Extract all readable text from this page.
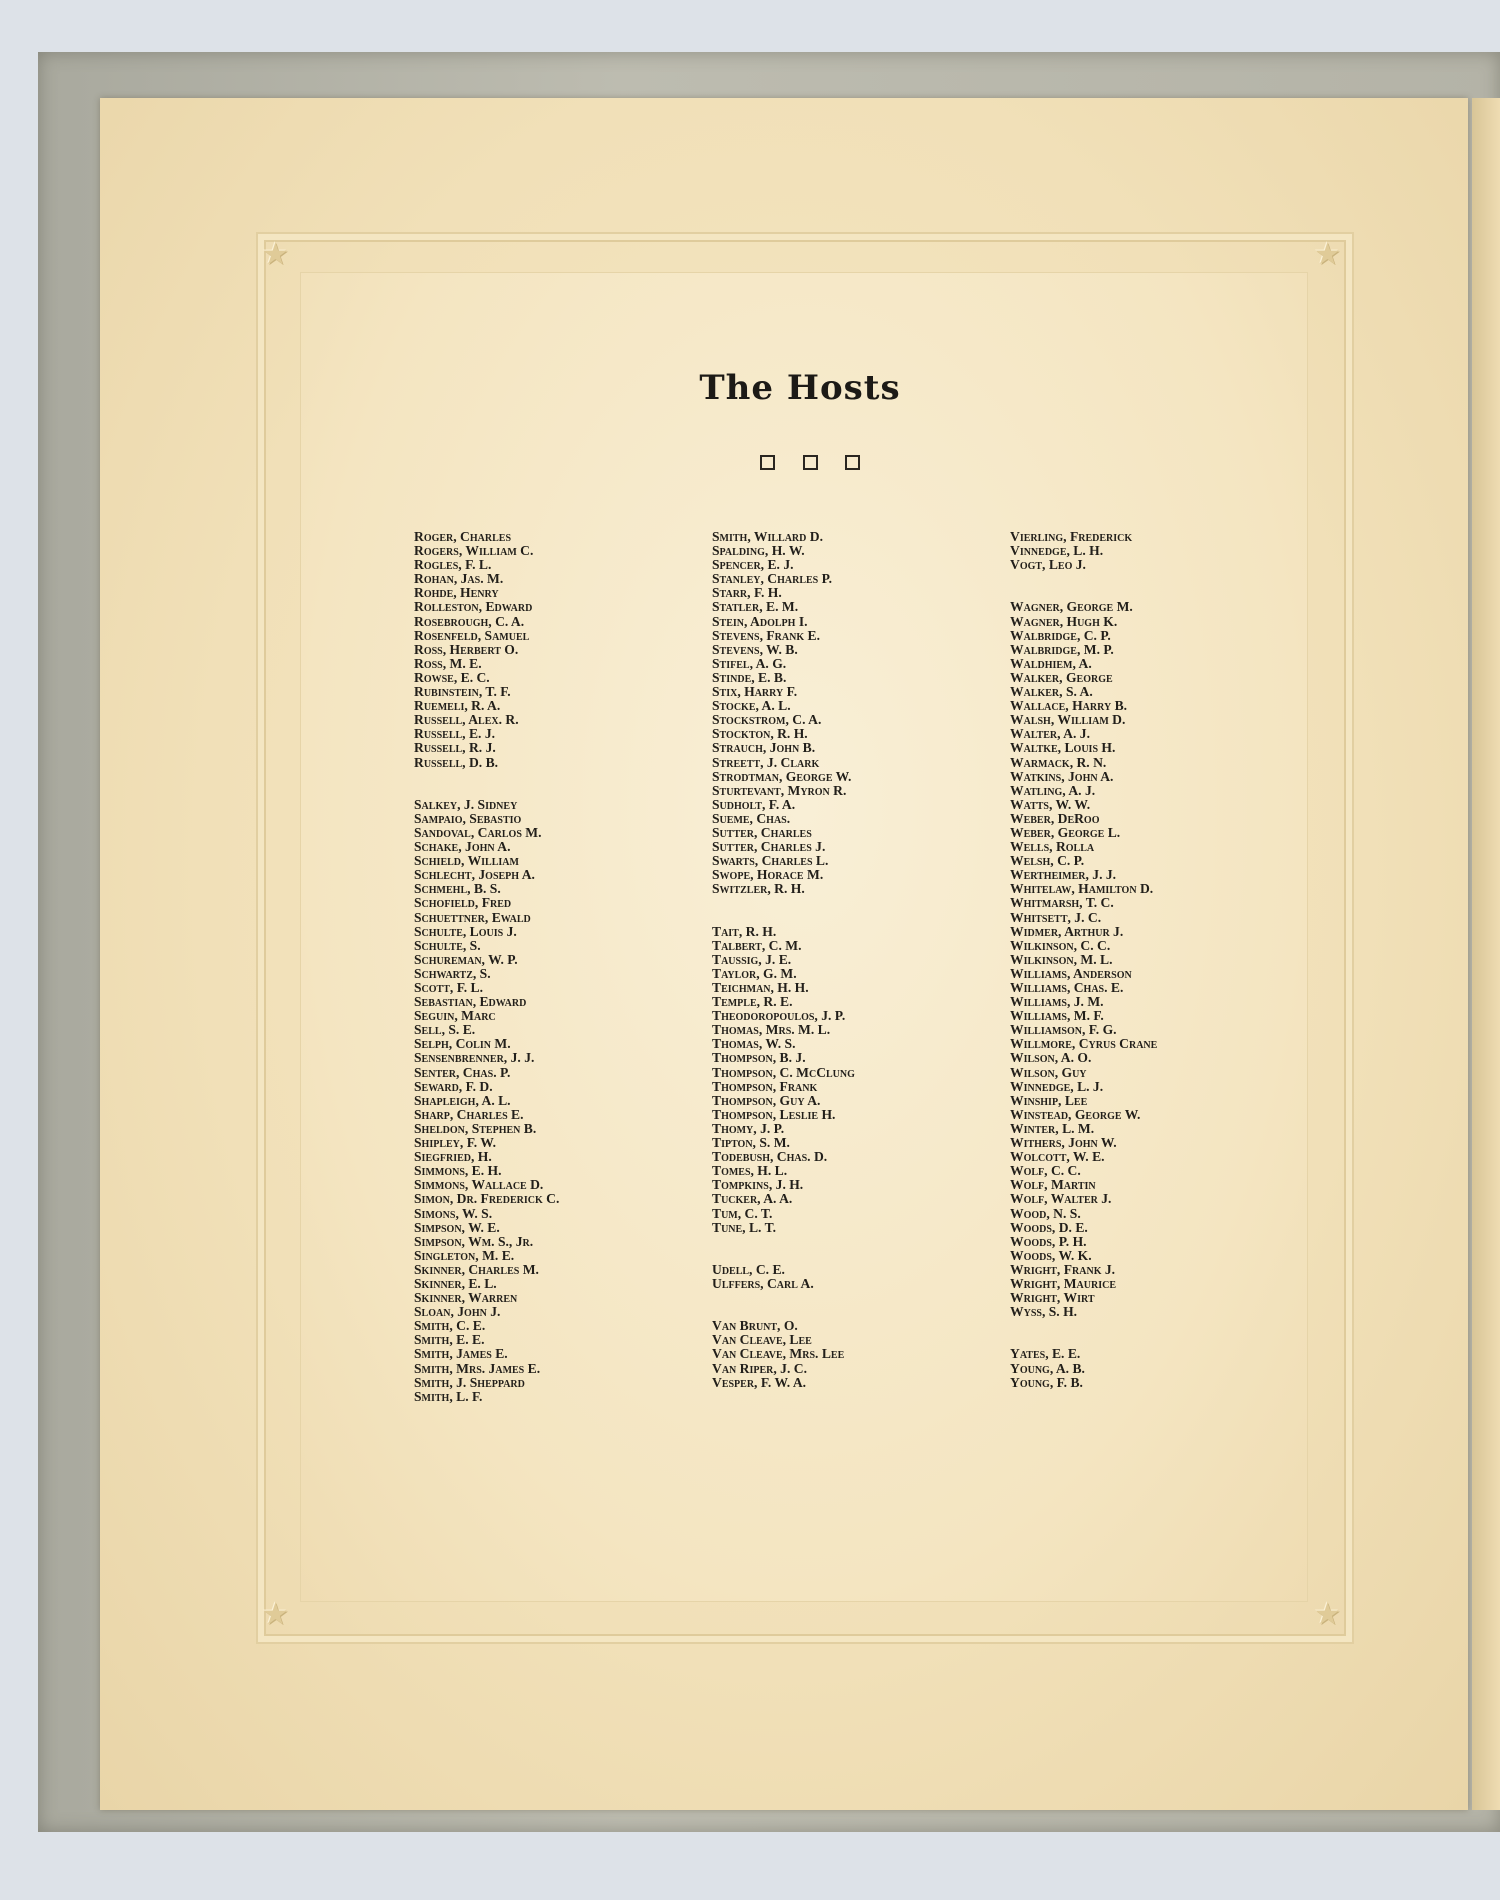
★	★
★	★
The Hosts
Roger, Charles
Rogers, William C.
Rogles, F. L.
Rohan, Jas. M.
Rohde, Henry
Rolleston, Edward
Rosebrough, C. A.
Rosenfeld, Samuel
Ross, Herbert O.
Ross, M. E.
Rowse, E. C.
Rubinstein, T. F.
Ruemeli, R. A.
Russell, Alex. R.
Russell, E. J.
Russell, R. J.
Russell, D. B.
Salkey, J. Sidney
Sampaio, Sebastio
Sandoval, Carlos M.
Schake, John A.
Schield, William
Schlecht, Joseph A.
Schmehl, B. S.
Schofield, Fred
Schuettner, Ewald
Schulte, Louis J.
Schulte, S.
Schureman, W. P.
Schwartz, S.
Scott, F. L.
Sebastian, Edward
Seguin, Marc
Sell, S. E.
Selph, Colin M.
Sensenbrenner, J. J.
Senter, Chas. P.
Seward, F. D.
Shapleigh, A. L.
Sharp, Charles E.
Sheldon, Stephen B.
Shipley, F. W.
Siegfried, H.
Simmons, E. H.
Simmons, Wallace D.
Simon, Dr. Frederick C.
Simons, W. S.
Simpson, W. E.
Simpson, Wm. S., Jr.
Singleton, M. E.
Skinner, Charles M.
Skinner, E. L.
Skinner, Warren
Sloan, John J.
Smith, C. E.
Smith, E. E.
Smith, James E.
Smith, Mrs. James E.
Smith, J. Sheppard
Smith, L. F.
Smith, Willard D.
Spalding, H. W.
Spencer, E. J.
Stanley, Charles P.
Starr, F. H.
Statler, E. M.
Stein, Adolph I.
Stevens, Frank E.
Stevens, W. B.
Stifel, A. G.
Stinde, E. B.
Stix, Harry F.
Stocke, A. L.
Stockstrom, C. A.
Stockton, R. H.
Strauch, John B.
Streett, J. Clark
Strodtman, George W.
Sturtevant, Myron R.
Sudholt, F. A.
Sueme, Chas.
Sutter, Charles
Sutter, Charles J.
Swarts, Charles L.
Swope, Horace M.
Switzler, R. H.
Tait, R. H.
Talbert, C. M.
Taussig, J. E.
Taylor, G. M.
Teichman, H. H.
Temple, R. E.
Theodoropoulos, J. P.
Thomas, Mrs. M. L.
Thomas, W. S.
Thompson, B. J.
Thompson, C. McClung
Thompson, Frank
Thompson, Guy A.
Thompson, Leslie H.
Thomy, J. P.
Tipton, S. M.
Todebush, Chas. D.
Tomes, H. L.
Tompkins, J. H.
Tucker, A. A.
Tum, C. T.
Tune, L. T.
Udell, C. E.
Ulffers, Carl A.
Van Brunt, O.
Van Cleave, Lee
Van Cleave, Mrs. Lee
Van Riper, J. C.
Vesper, F. W. A.
Vierling, Frederick
Vinnedge, L. H.
Vogt, Leo J.
Wagner, George M.
Wagner, Hugh K.
Walbridge, C. P.
Walbridge, M. P.
Waldhiem, A.
Walker, George
Walker, S. A.
Wallace, Harry B.
Walsh, William D.
Walter, A. J.
Waltke, Louis H.
Warmack, R. N.
Watkins, John A.
Watling, A. J.
Watts, W. W.
Weber, DeRoo
Weber, George L.
Wells, Rolla
Welsh, C. P.
Wertheimer, J. J.
Whitelaw, Hamilton D.
Whitmarsh, T. C.
Whitsett, J. C.
Widmer, Arthur J.
Wilkinson, C. C.
Wilkinson, M. L.
Williams, Anderson
Williams, Chas. E.
Williams, J. M.
Williams, M. F.
Williamson, F. G.
Willmore, Cyrus Crane
Wilson, A. O.
Wilson, Guy
Winnedge, L. J.
Winship, Lee
Winstead, George W.
Winter, L. M.
Withers, John W.
Wolcott, W. E.
Wolf, C. C.
Wolf, Martin
Wolf, Walter J.
Wood, N. S.
Woods, D. E.
Woods, P. H.
Woods, W. K.
Wright, Frank J.
Wright, Maurice
Wright, Wirt
Wyss, S. H.
Yates, E. E.
Young, A. B.
Young, F. B.
